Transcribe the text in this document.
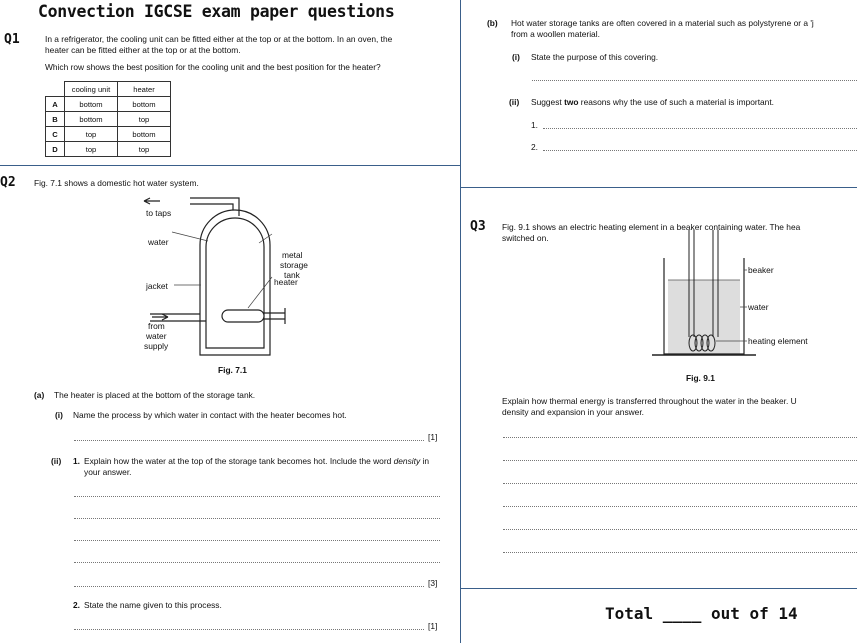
Convection IGCSE exam paper questions
Q1	In a refrigerator, the cooling unit can be fitted either at the top or at the bottom. In an oven, the heater can be fitted either at the top or at the bottom.
Which row shows the best position for the cooling unit and the best position for the heater?
	cooling unit	heater
A	bottom	bottom
B	bottom	top
C	top	bottom
D	top	top
Q2 Fig. 7.1 shows a domestic hot water system.
to taps
water
metal
storage
tank
jacket	heater
from
water
supply
Fig. 7.1
(a) The heater is placed at the bottom of the storage tank.
(i) Name the process by which water in contact with the heater becomes hot.
[1]
(ii) 1. Explain how the water at the top of the storage tank becomes hot. Include the word density in your answer.
[3]
2. State the name given to this process.
[1]
(b) Hot water storage tanks are often covered in a material such as polystyrene or a 'j
from a woollen material.
(i) State the purpose of this covering.
(ii) Suggest two reasons why the use of such a material is important.
1.
2.
Q3 Fig. 9.1 shows an electric heating element in a beaker containing water. The hea
switched on.
beaker
water
heating element
Fig. 9.1
Explain how thermal energy is transferred throughout the water in the beaker. U
density and expansion in your answer.
Total ____ out of 14
